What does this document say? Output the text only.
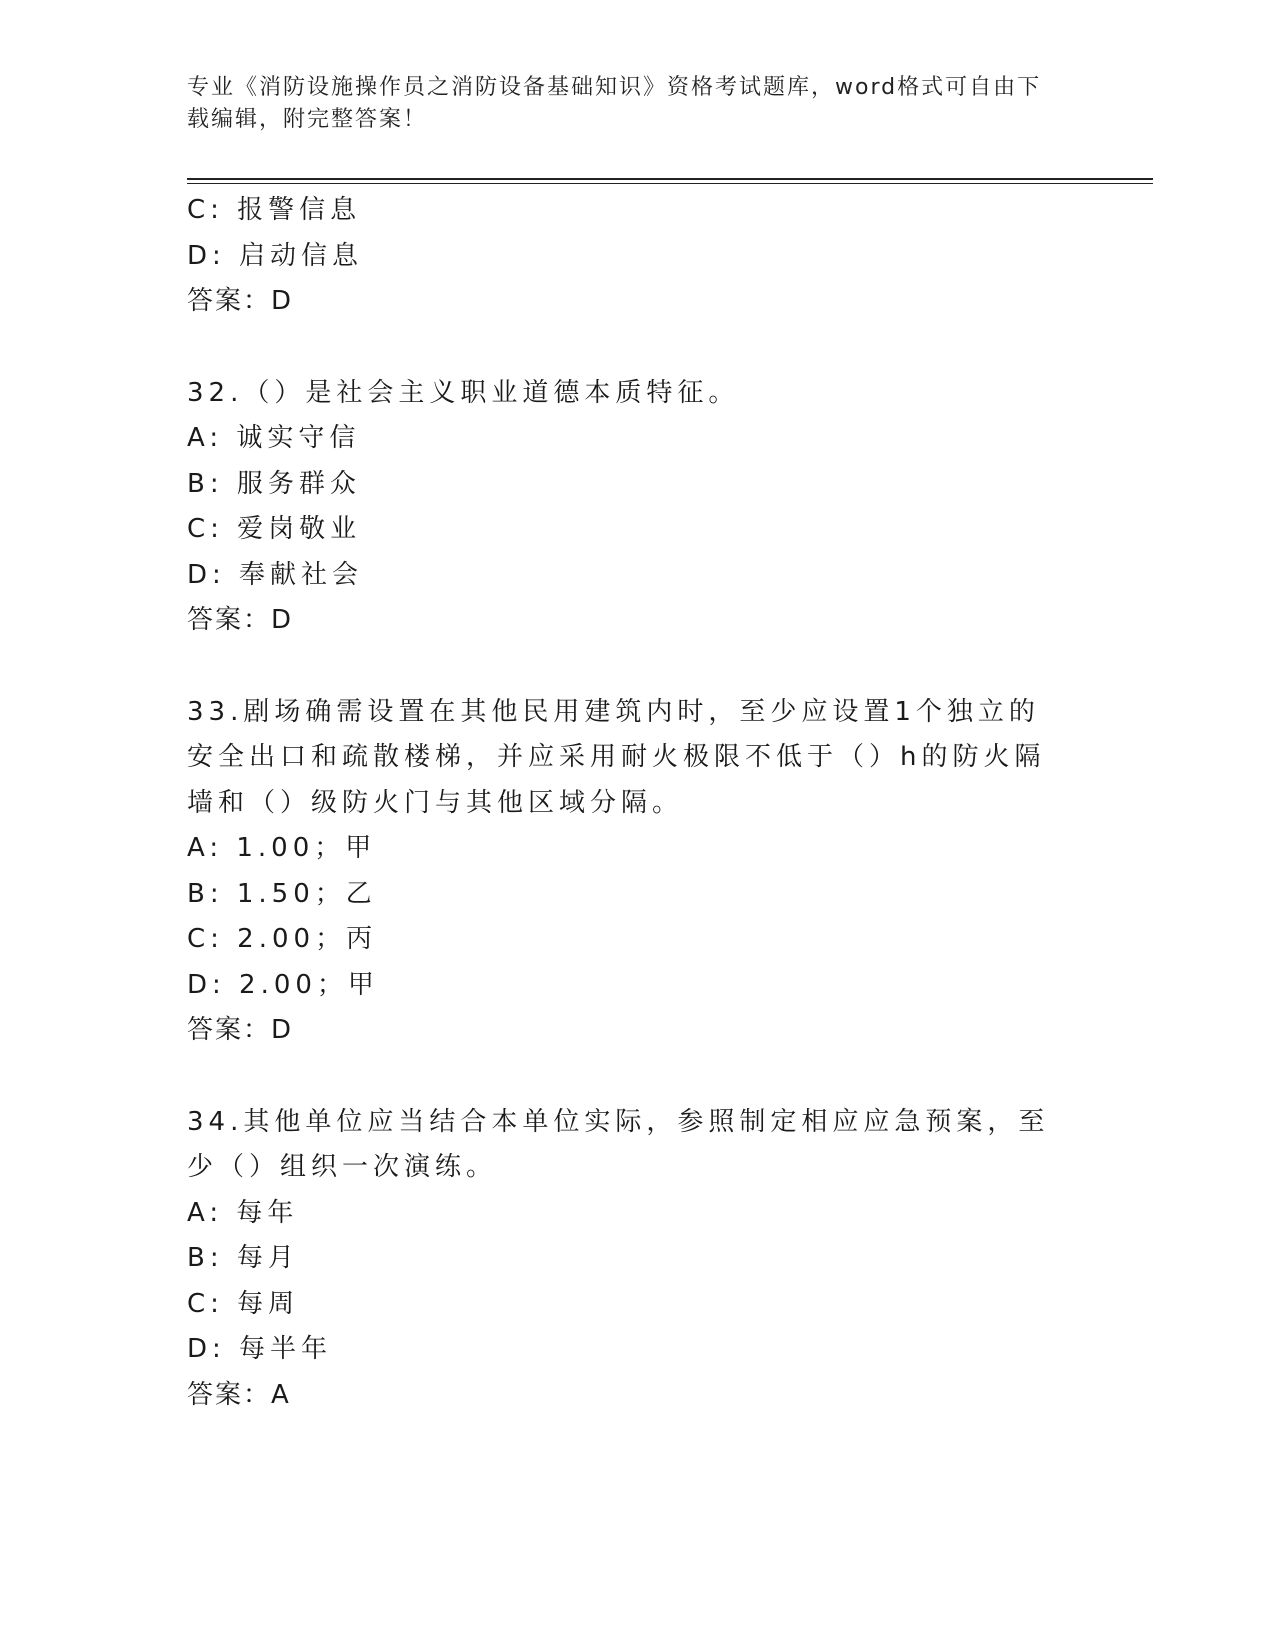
专业《消防设施操作员之消防设备基础知识》资格考试题库，word格式可自由下
载编辑，附完整答案！
C: 报警信息
D: 启动信息
答案：D
32.（）是社会主义职业道德本质特征。
A: 诚实守信
B: 服务群众
C: 爱岗敬业
D: 奉献社会
答案：D
33.剧场确需设置在其他民用建筑内时，至少应设置1个独立的安全出口和疏散楼梯，并应采用耐火极限不低于（）h的防火隔墙和（）级防火门与其他区域分隔。
A: 1.00；甲
B: 1.50；乙
C: 2.00；丙
D: 2.00；甲
答案：D
34.其他单位应当结合本单位实际，参照制定相应应急预案，至少（）组织一次演练。
A: 每年
B: 每月
C: 每周
D: 每半年
答案：A
